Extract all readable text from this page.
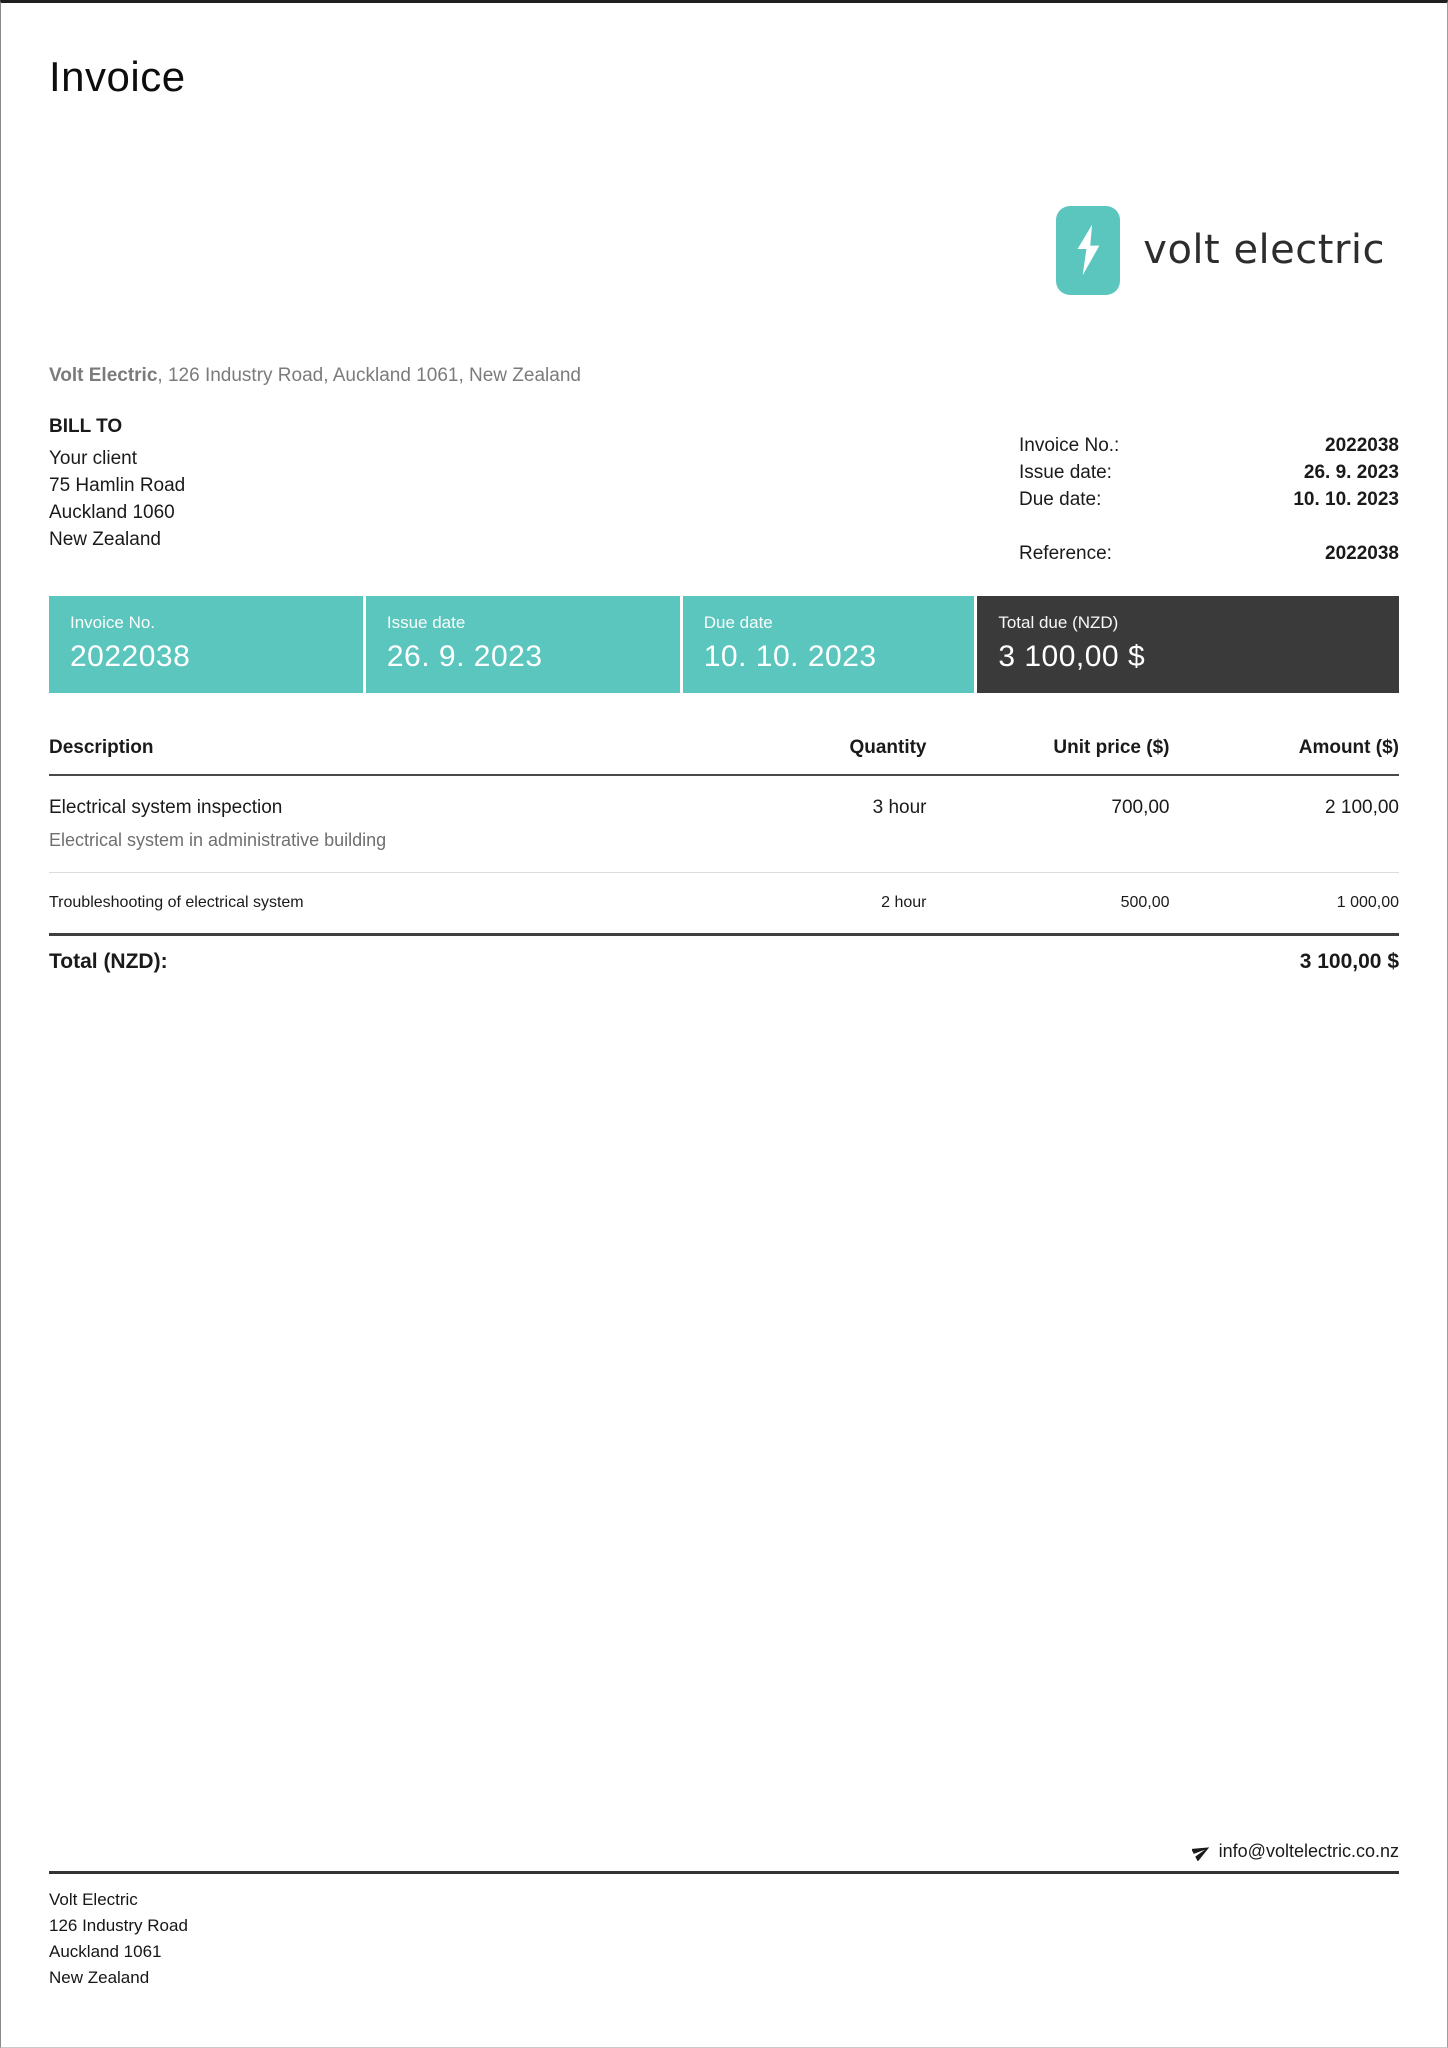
Invoice
volt electric
Volt Electric, 126 Industry Road, Auckland 1061, New Zealand
BILL TO
Your client
75 Hamlin Road
Auckland 1060
New Zealand
Invoice No.:	2022038
Issue date:	26. 9. 2023
Due date:	10. 10. 2023
Reference:	2022038
Invoice No.
2022038
Issue date
26. 9. 2023
Due date
10. 10. 2023
Total due (NZD)
3 100,00 $
Description	Quantity	Unit price ($)	Amount ($)
Electrical system inspection	3 hour	700,00	2 100,00
Electrical system in administrative building
Troubleshooting of electrical system	2 hour	500,00	1 000,00
Total (NZD):	3 100,00 $
info@voltelectric.co.nz
Volt Electric
126 Industry Road
Auckland 1061
New Zealand
